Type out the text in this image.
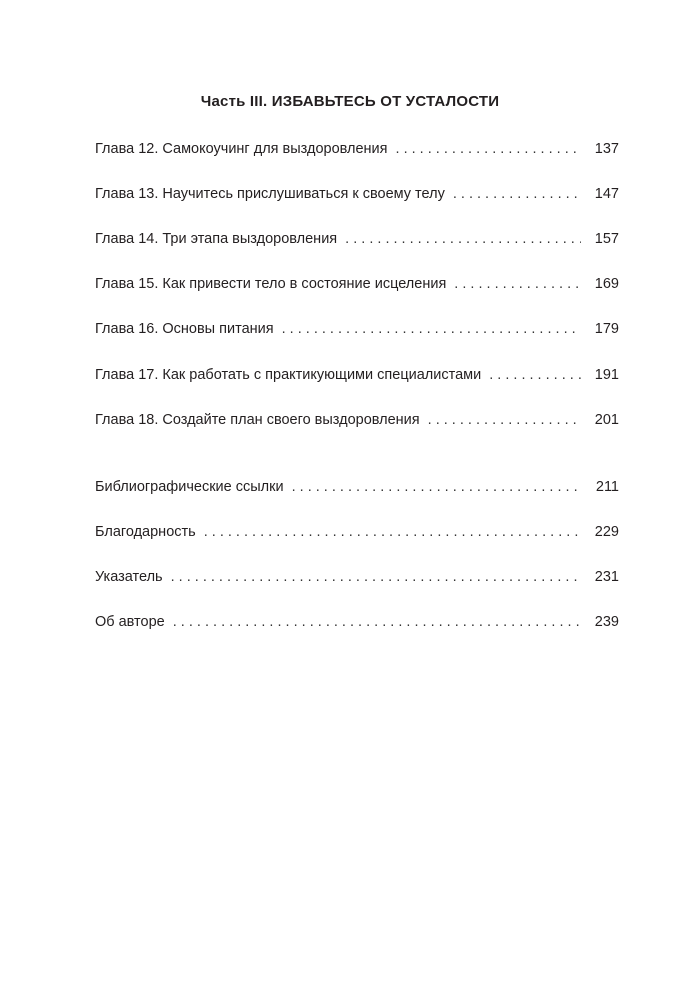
Часть III. ИЗБАВЬТЕСЬ ОТ УСТАЛОСТИ
Глава 12. Самокоучинг для выздоровления . . .	137
Глава 13. Научитесь прислушиваться к своему телу . . .	147
Глава 14. Три этапа выздоровления . . .	157
Глава 15. Как привести тело в состояние исцеления . . .	169
Глава 16. Основы питания . . .	179
Глава 17. Как работать с практикующими специалистами . . .	191
Глава 18. Создайте план своего выздоровления . . .	201
Библиографические ссылки . . .	211
Благодарность . . .	229
Указатель . . .	231
Об авторе . . .	239
